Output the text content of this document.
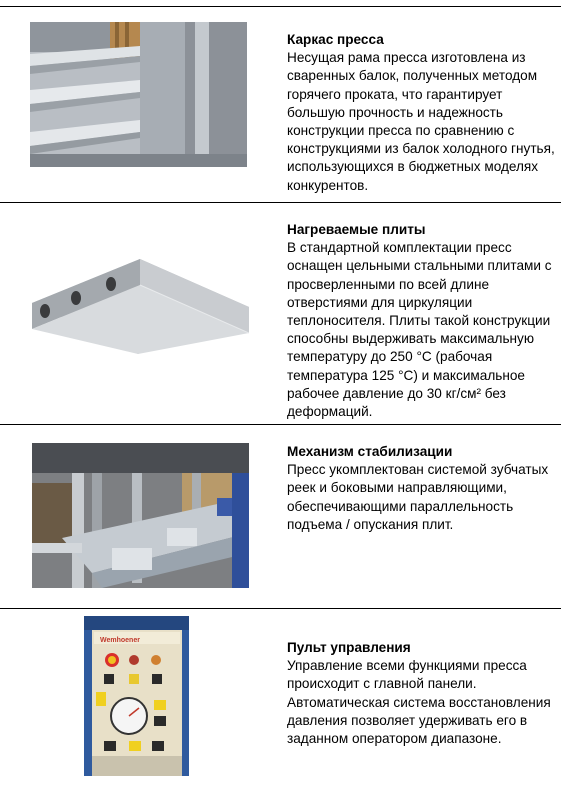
Каркас пресса
Несущая рама пресса изготовлена из сваренных балок, полученных методом горячего проката, что гарантирует большую прочность и надежность конструкции пресса по сравнению с конструкциями из балок холодного гнутья, использующихся в бюджетных моделях конкурентов.
Нагреваемые плиты
В стандартной комплектации пресс оснащен цельными стальными плитами с просверленными по всей длине отверстиями для циркуляции теплоносителя. Плиты такой конструкции способны выдерживать максимальную температуру до 250 °С (рабочая температура 125 °С) и максимальное рабочее давление до 30 кг/см² без деформаций.
Механизм стабилизации
Пресс укомплектован системой зубчатых реек и боковыми направляющими, обеспечивающими параллельность подъема / опускания плит.
Wemhoener	Пульт управления
Управление всеми функциями пресса происходит с главной панели. Автоматическая система восстановления давления позволяет удерживать его в заданном оператором диапазоне.
